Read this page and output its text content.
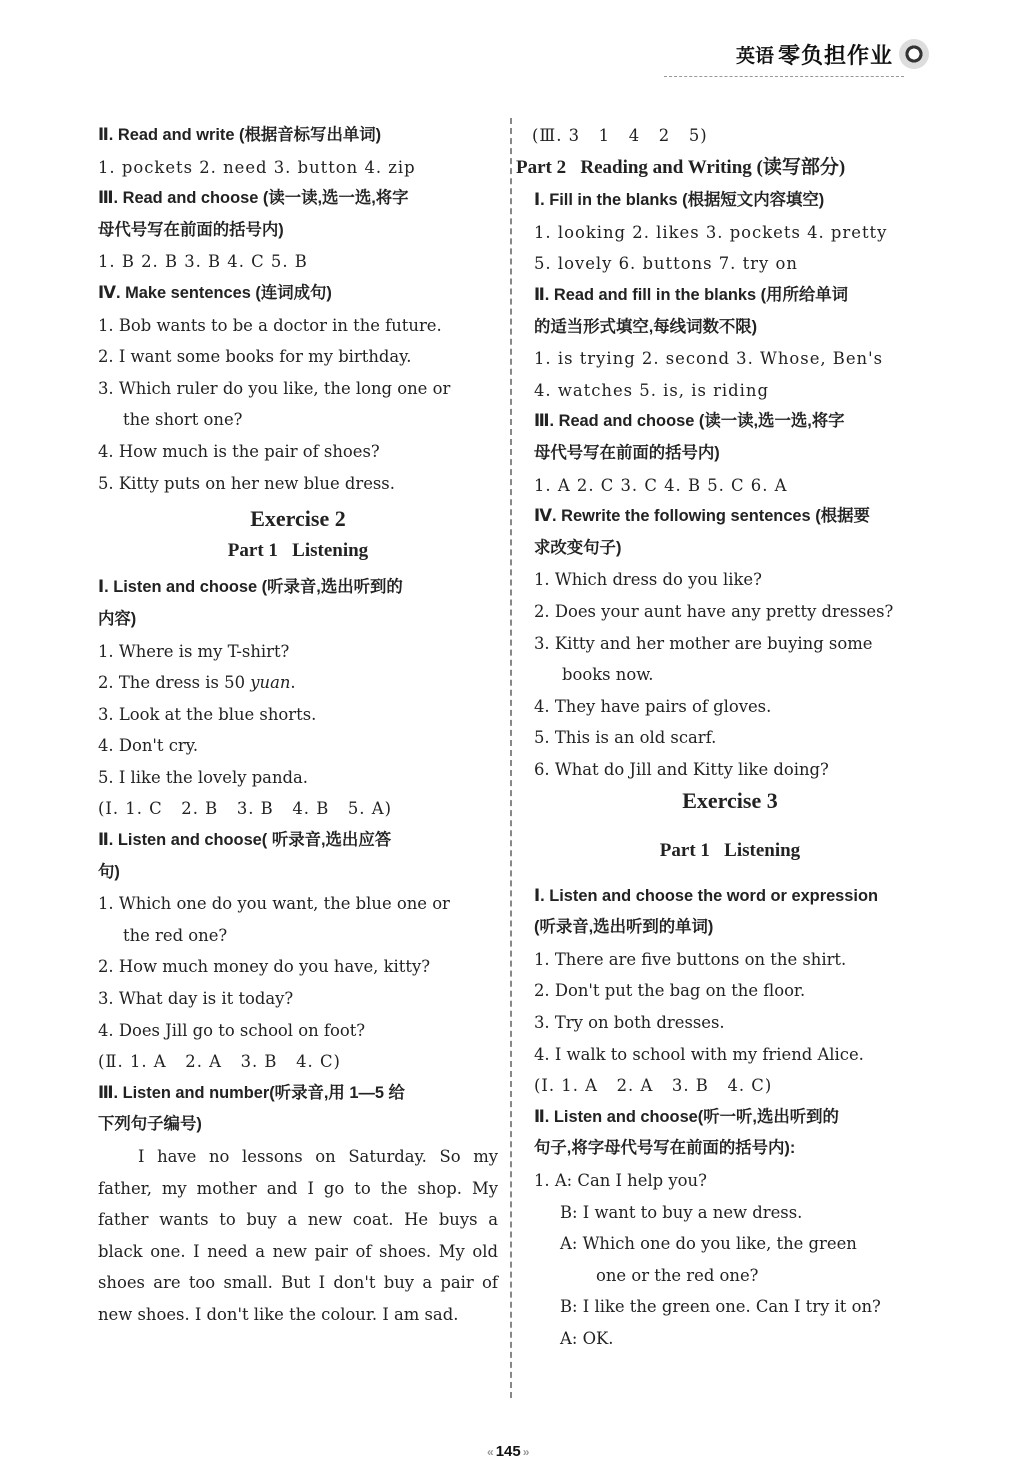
英语 零负担作业
Ⅱ. Read and write (根据音标写出单词)
1. pockets 2. need 3. button 4. zip
Ⅲ. Read and choose (读一读,选一选,将字
母代号写在前面的括号内)
1. B 2. B 3. B 4. C 5. B
Ⅳ. Make sentences (连词成句)
1. Bob wants to be a doctor in the future.
2. I want some books for my birthday.
3. Which ruler do you like, the long one or
the short one?
4. How much is the pair of shoes?
5. Kitty puts on her new blue dress.
Exercise 2
Part 1   Listening
Ⅰ. Listen and choose (听录音,选出听到的
内容)
1. Where is my T-shirt?
2. The dress is 50 yuan.
3. Look at the blue shorts.
4. Don't cry.
5. I like the lovely panda.
(Ⅰ. 1. C   2. B   3. B   4. B   5. A)
Ⅱ. Listen and choose( 听录音,选出应答
句)
1. Which one do you want, the blue one or
the red one?
2. How much money do you have, kitty?
3. What day is it today?
4. Does Jill go to school on foot?
(Ⅱ. 1. A   2. A   3. B   4. C)
Ⅲ. Listen and number(听录音,用 1—5 给
下列句子编号)
I have no lessons on Saturday. So my father, my mother and I go to the shop. My father wants to buy a new coat. He buys a black one. I need a new pair of shoes. My old shoes are too small. But I don't buy a pair of new shoes. I don't like the colour. I am sad.
(Ⅲ. 3   1   4   2   5)
Part 2   Reading and Writing (读写部分)
Ⅰ. Fill in the blanks (根据短文内容填空)
1. looking 2. likes 3. pockets 4. pretty
5. lovely 6. buttons 7. try on
Ⅱ. Read and fill in the blanks (用所给单词
的适当形式填空,每线词数不限)
1. is trying 2. second 3. Whose, Ben's
4. watches 5. is, is riding
Ⅲ. Read and choose (读一读,选一选,将字
母代号写在前面的括号内)
1. A 2. C 3. C 4. B 5. C 6. A
Ⅳ. Rewrite the following sentences (根据要
求改变句子)
1. Which dress do you like?
2. Does your aunt have any pretty dresses?
3. Kitty and her mother are buying some
books now.
4. They have pairs of gloves.
5. This is an old scarf.
6. What do Jill and Kitty like doing?
Exercise 3
Part 1   Listening
Ⅰ. Listen and choose the word or expression
(听录音,选出听到的单词)
1. There are five buttons on the shirt.
2. Don't put the bag on the floor.
3. Try on both dresses.
4. I walk to school with my friend Alice.
(Ⅰ. 1. A   2. A   3. B   4. C)
Ⅱ. Listen and choose(听一听,选出听到的
句子,将字母代号写在前面的括号内):
1. A: Can I help you?
B: I want to buy a new dress.
A: Which one do you like, the green
one or the red one?
B: I like the green one. Can I try it on?
A: OK.
« 145 »
